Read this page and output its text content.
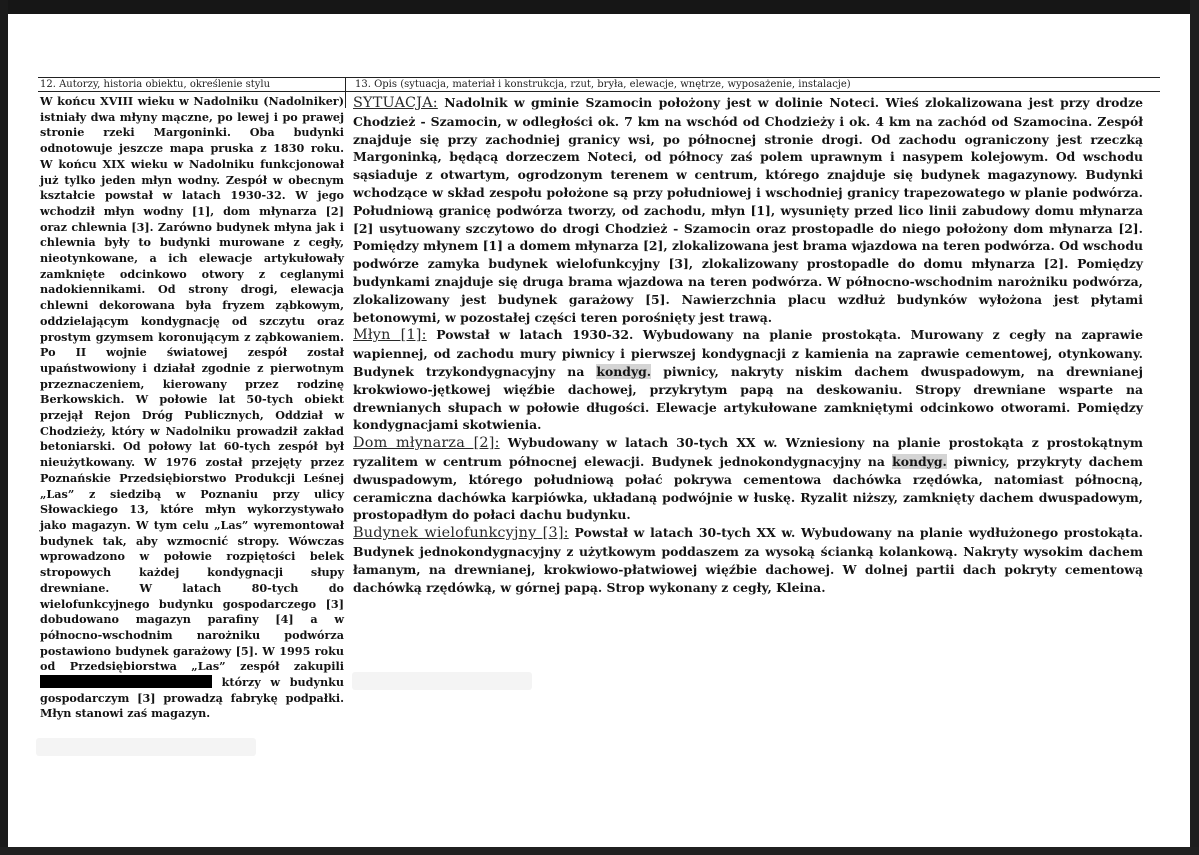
12. Autorzy, historia obiektu, określenie stylu	13. Opis (sytuacja, materiał i konstrukcja, rzut, bryła, elewacje, wnętrze, wyposażenie, instalacje)

W końcu XVIII wieku w Nadolniku (Nadolniker) istniały dwa młyny mączne, po lewej i po prawej stronie rzeki Margoninki. Oba budynki odnotowuje jeszcze mapa pruska z 1830 roku. W końcu XIX wieku w Nadolniku funkcjonował już tylko jeden młyn wodny. Zespół w obecnym kształcie powstał w latach 1930-32. W jego wchodził młyn wodny [1], dom młynarza [2] oraz chlewnia [3]. Zarówno budynek młyna jak i chlewnia były to budynki murowane z cegły, nieotynkowane, a ich elewacje artykułowały zamknięte odcinkowo otwory z ceglanymi nadokiennikami. Od strony drogi, elewacja chlewni dekorowana była fryzem ząbkowym, oddzielającym kondygnację od szczytu oraz prostym gzymsem koronującym z ząbkowaniem. Po II wojnie światowej zespół został upaństwowiony i działał zgodnie z pierwotnym przeznaczeniem, kierowany przez rodzinę Berkowskich. W połowie lat 50-tych obiekt przejął Rejon Dróg Publicznych, Oddział w Chodzieży, który w Nadolniku prowadził zakład betoniarski. Od połowy lat 60-tych zespół był nieużytkowany. W 1976 został przejęty przez Poznańskie Przedsiębiorstwo Produkcji Leśnej „Las” z siedzibą w Poznaniu przy ulicy Słowackiego 13, które młyn wykorzystywało jako magazyn. W tym celu „Las” wyremontował budynek tak, aby wzmocnić stropy. Wówczas wprowadzono w połowie rozpiętości belek stropowych każdej kondygnacji słupy drewniane. W latach 80-tych do wielofunkcyjnego budynku gospodarczego [3] dobudowano magazyn parafiny [4] a w północno-wschodnim narożniku podwórza postawiono budynek garażowy [5]. W 1995 roku od Przedsiębiorstwa „Las” zespół zakupili  którzy w budynku gospodarczym [3] prowadzą fabrykę podpałki. Młyn stanowi zaś magazyn.

SYTUACJA: Nadolnik w gminie Szamocin położony jest w dolinie Noteci. Wieś zlokalizowana jest przy drodze Chodzież - Szamocin, w odległości ok. 7 km na wschód od Chodzieży i ok. 4 km na zachód od Szamocina. Zespół znajduje się przy zachodniej granicy wsi, po północnej stronie drogi. Od zachodu ograniczony jest rzeczką Margoninką, będącą dorzeczem Noteci, od północy zaś polem uprawnym i nasypem kolejowym. Od wschodu sąsiaduje z otwartym, ogrodzonym terenem w centrum, którego znajduje się budynek magazynowy. Budynki wchodzące w skład zespołu położone są przy południowej i wschodniej granicy trapezowatego w planie podwórza. Południową granicę podwórza tworzy, od zachodu, młyn [1], wysunięty przed lico linii zabudowy domu młynarza [2] usytuowany szczytowo do drogi Chodzież - Szamocin oraz prostopadle do niego położony dom młynarza [2]. Pomiędzy młynem [1] a domem młynarza [2], zlokalizowana jest brama wjazdowa na teren podwórza. Od wschodu podwórze zamyka budynek wielofunkcyjny [3], zlokalizowany prostopadle do domu młynarza [2]. Pomiędzy budynkami znajduje się druga brama wjazdowa na teren podwórza. W północno-wschodnim narożniku podwórza, zlokalizowany jest budynek garażowy [5]. Nawierzchnia placu wzdłuż budynków wyłożona jest płytami betonowymi, w pozostałej części teren porośnięty jest trawą.

Młyn [1]: Powstał w latach 1930-32. Wybudowany na planie prostokąta. Murowany z cegły na zaprawie wapiennej, od zachodu mury piwnicy i pierwszej kondygnacji z kamienia na zaprawie cementowej, otynkowany. Budynek trzykondygnacyjny na kondyg. piwnicy, nakryty niskim dachem dwuspadowym, na drewnianej krokwiowo-jętkowej więźbie dachowej, przykrytym papą na deskowaniu. Stropy drewniane wsparte na drewnianych słupach w połowie długości. Elewacje artykułowane zamkniętymi odcinkowo otworami. Pomiędzy kondygnacjami skotwienia.

Dom młynarza [2]: Wybudowany w latach 30-tych XX w. Wzniesiony na planie prostokąta z prostokątnym ryzalitem w centrum północnej elewacji. Budynek jednokondygnacyjny na kondyg. piwnicy, przykryty dachem dwuspadowym, którego południową połać pokrywa cementowa dachówka rzędówka, natomiast północną, ceramiczna dachówka karpiówka, układaną podwójnie w łuskę. Ryzalit niższy, zamknięty dachem dwuspadowym, prostopadłym do połaci dachu budynku.

Budynek wielofunkcyjny [3]: Powstał w latach 30-tych XX w. Wybudowany na planie wydłużonego prostokąta. Budynek jednokondygnacyjny z użytkowym poddaszem za wysoką ścianką kolankową. Nakryty wysokim dachem łamanym, na drewnianej, krokwiowo-płatwiowej więźbie dachowej. W dolnej partii dach pokryty cementową dachówką rzędówką, w górnej papą. Strop wykonany z cegły, Kleina.
